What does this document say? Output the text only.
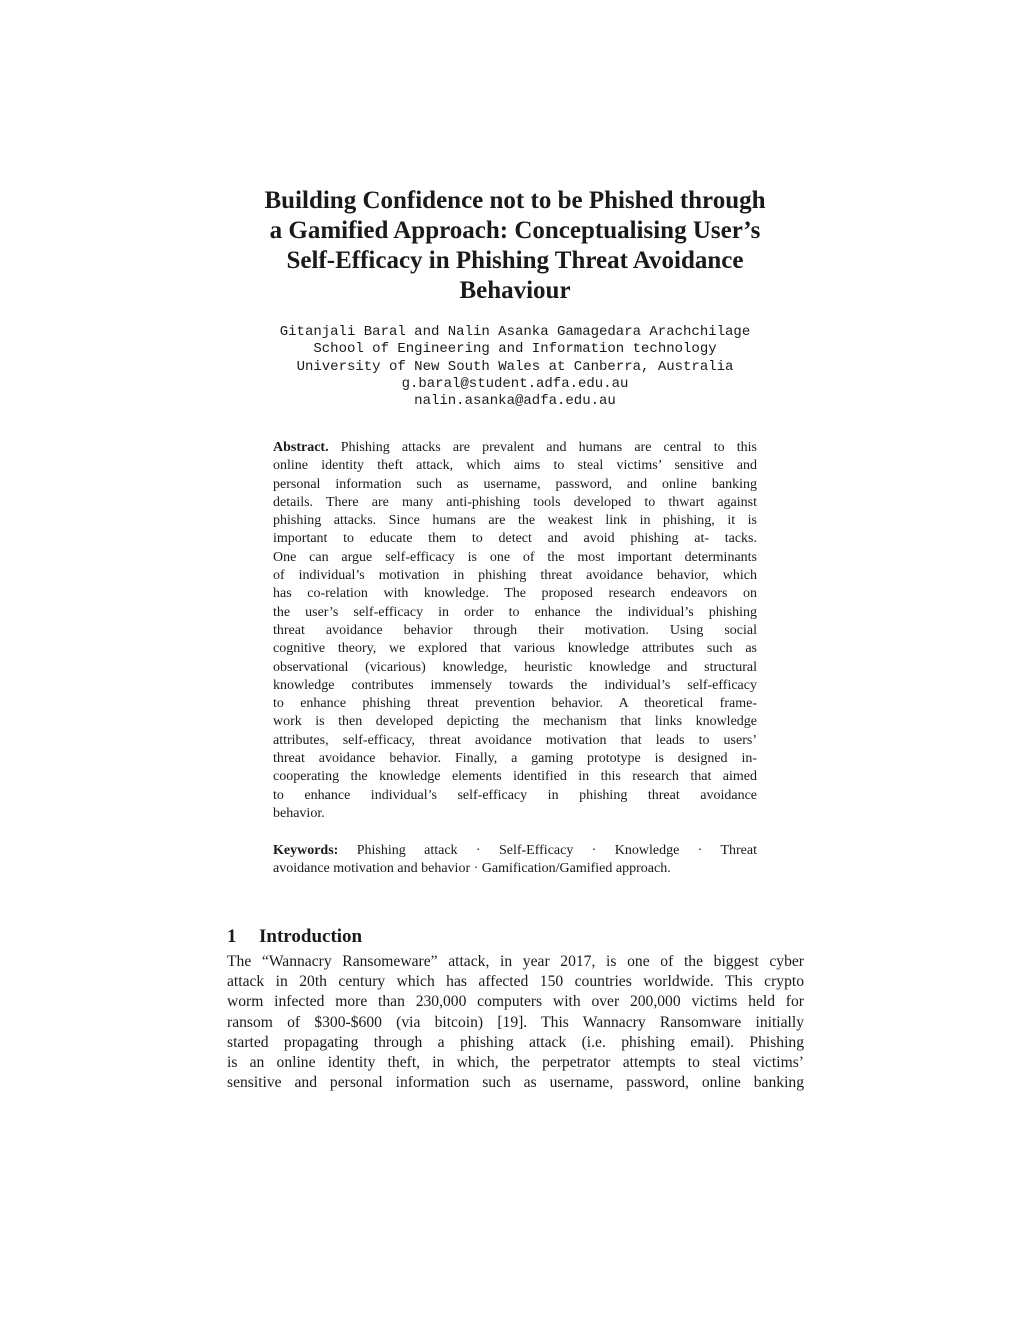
Building Confidence not to be Phished through
a Gamified Approach: Conceptualising User’s
Self-Efficacy in Phishing Threat Avoidance
Behaviour
Gitanjali Baral and Nalin Asanka Gamagedara Arachchilage
School of Engineering and Information technology
University of New South Wales at Canberra, Australia
g.baral@student.adfa.edu.au
nalin.asanka@adfa.edu.au
Abstract. Phishing attacks are prevalent and humans are central to this
online identity theft attack, which aims to steal victims’ sensitive and
personal information such as username, password, and online banking
details. There are many anti-phishing tools developed to thwart against
phishing attacks. Since humans are the weakest link in phishing, it is
important to educate them to detect and avoid phishing at- tacks.
One can argue self-efficacy is one of the most important determinants
of individual’s motivation in phishing threat avoidance behavior, which
has co-relation with knowledge. The proposed research endeavors on
the user’s self-efficacy in order to enhance the individual’s phishing
threat avoidance behavior through their motivation. Using social
cognitive theory, we explored that various knowledge attributes such as
observational (vicarious) knowledge, heuristic knowledge and structural
knowledge contributes immensely towards the individual’s self-efficacy
to enhance phishing threat prevention behavior. A theoretical frame-
work is then developed depicting the mechanism that links knowledge
attributes, self-efficacy, threat avoidance motivation that leads to users’
threat avoidance behavior. Finally, a gaming prototype is designed in-
cooperating the knowledge elements identified in this research that aimed
to enhance individual’s self-efficacy in phishing threat avoidance
behavior.
Keywords: Phishing attack · Self-Efficacy · Knowledge · Threat
avoidance motivation and behavior · Gamification/Gamified approach.
1 Introduction
The “Wannacry Ransomeware” attack, in year 2017, is one of the biggest cyber
attack in 20th century which has affected 150 countries worldwide. This crypto
worm infected more than 230,000 computers with over 200,000 victims held for
ransom of $300-$600 (via bitcoin) [19]. This Wannacry Ransomware initially
started propagating through a phishing attack (i.e. phishing email). Phishing
is an online identity theft, in which, the perpetrator attempts to steal victims’
sensitive and personal information such as username, password, online banking
